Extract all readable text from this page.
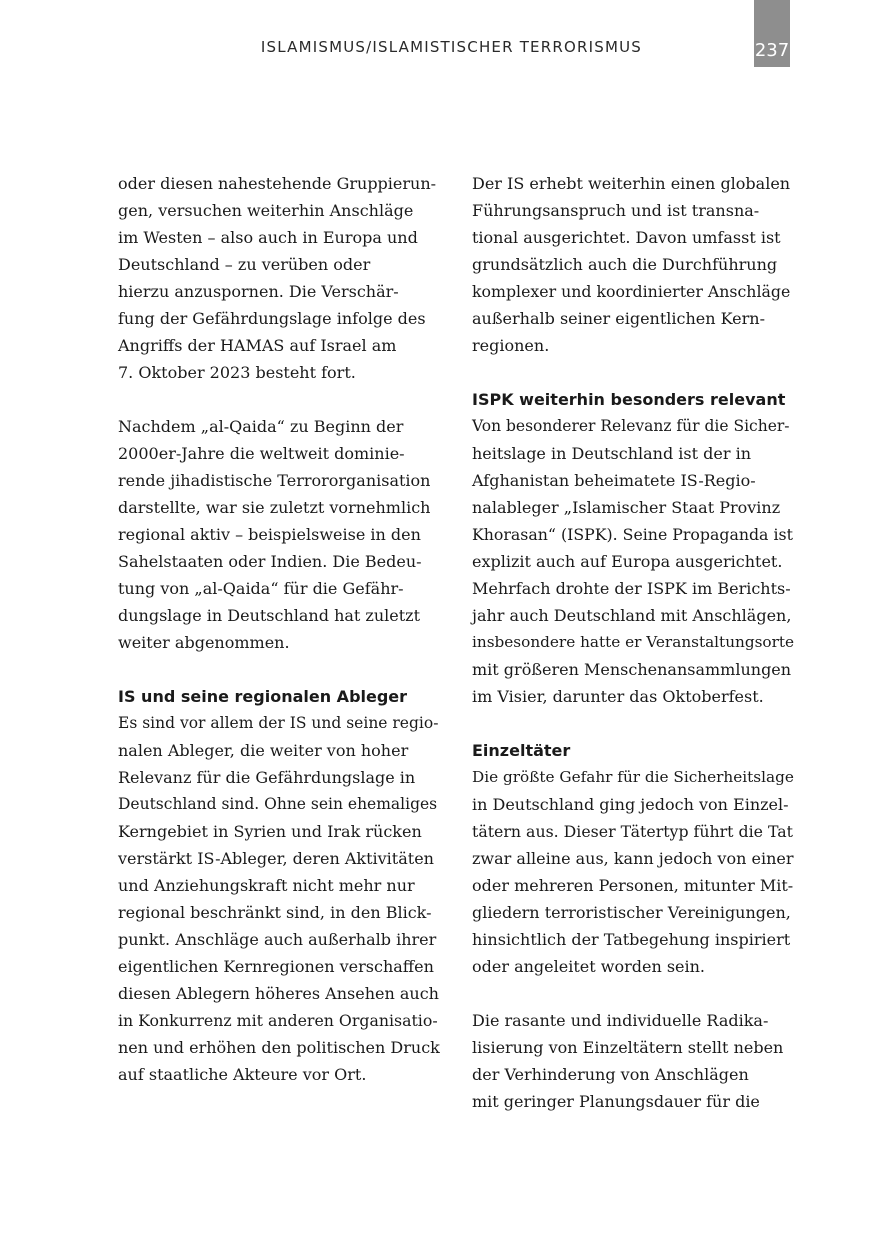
ISLAMISMUS/ISLAMISTISCHER TERRORISMUS	237
oder diesen nahestehende Gruppierun-
gen, versuchen weiterhin Anschläge
im Westen – also auch in Europa und
Deutschland – zu verüben oder
hierzu anzuspornen. Die Verschär-
fung der Gefährdungslage infolge des
Angriffs der HAMAS auf Israel am
7. Oktober 2023 besteht fort.
Nachdem „al-Qaida“ zu Beginn der
2000er-Jahre die weltweit dominie-
rende jihadistische Terrororganisation
darstellte, war sie zuletzt vornehmlich
regional aktiv – beispielsweise in den
Sahelstaaten oder Indien. Die Bedeu-
tung von „al-Qaida“ für die Gefähr-
dungslage in Deutschland hat zuletzt
weiter abgenommen.
IS und seine regionalen Ableger
Es sind vor allem der IS und seine regio-
nalen Ableger, die weiter von hoher
Relevanz für die Gefährdungslage in
Deutschland sind. Ohne sein ehemaliges
Kerngebiet in Syrien und Irak rücken
verstärkt IS-Ableger, deren Aktivitäten
und Anziehungskraft nicht mehr nur
regional beschränkt sind, in den Blick-
punkt. Anschläge auch außerhalb ihrer
eigentlichen Kernregionen verschaffen
diesen Ablegern höheres Ansehen auch
in Konkurrenz mit anderen Organisatio-
nen und erhöhen den politischen Druck
auf staatliche Akteure vor Ort.
Der IS erhebt weiterhin einen globalen
Führungsanspruch und ist transna-
tional ausgerichtet. Davon umfasst ist
grundsätzlich auch die Durchführung
komplexer und koordinierter Anschläge
außerhalb seiner eigentlichen Kern-
regionen.
ISPK weiterhin besonders relevant
Von besonderer Relevanz für die Sicher-
heitslage in Deutschland ist der in
Afghanistan beheimatete IS-Regio-
nalableger „Islamischer Staat Provinz
Khorasan“ (ISPK). Seine Propaganda ist
explizit auch auf Europa ausgerichtet.
Mehrfach drohte der ISPK im Berichts-
jahr auch Deutschland mit Anschlägen,
insbesondere hatte er Veranstaltungsorte
mit größeren Menschenansammlungen
im Visier, darunter das Oktoberfest.
Einzeltäter
Die größte Gefahr für die Sicherheitslage
in Deutschland ging jedoch von Einzel-
tätern aus. Dieser Tätertyp führt die Tat
zwar alleine aus, kann jedoch von einer
oder mehreren Personen, mitunter Mit-
gliedern terroristischer Vereinigungen,
hinsichtlich der Tatbegehung inspiriert
oder angeleitet worden sein.
Die rasante und individuelle Radika-
lisierung von Einzeltätern stellt neben
der Verhinderung von Anschlägen
mit geringer Planungsdauer für die
